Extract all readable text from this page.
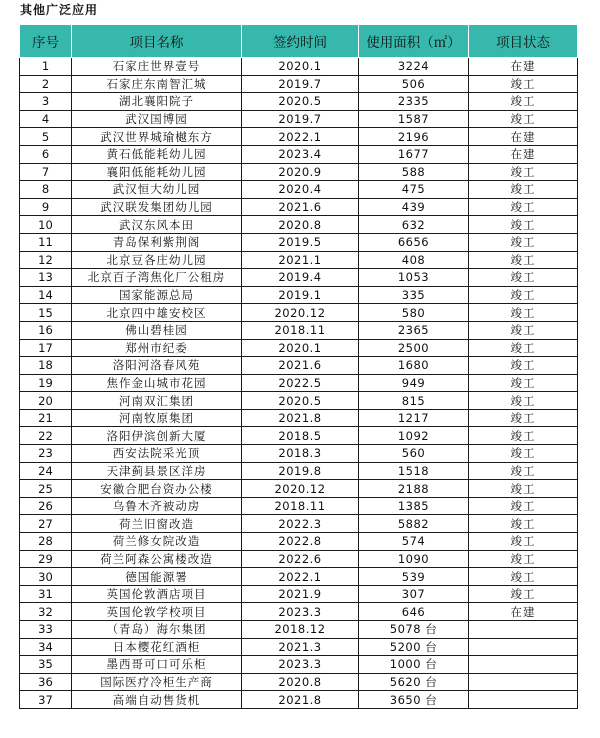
其他广泛应用
序号	项目名称	签约时间	使用面积（㎡）	项目状态
1	石家庄世界壹号	2020.1	3224	在建
2	石家庄东南智汇城	2019.7	506	竣工
3	湖北襄阳院子	2020.5	2335	竣工
4	武汉国博园	2019.7	1587	竣工
5	武汉世界城瑜樾东方	2022.1	2196	在建
6	黄石低能耗幼儿园	2023.4	1677	在建
7	襄阳低能耗幼儿园	2020.9	588	竣工
8	武汉恒大幼儿园	2020.4	475	竣工
9	武汉联发集团幼儿园	2021.6	439	竣工
10	武汉东风本田	2020.8	632	竣工
11	青岛保利紫荆阁	2019.5	6656	竣工
12	北京豆各庄幼儿园	2021.1	408	竣工
13	北京百子湾焦化厂公租房	2019.4	1053	竣工
14	国家能源总局	2019.1	335	竣工
15	北京四中雄安校区	2020.12	580	竣工
16	佛山碧桂园	2018.11	2365	竣工
17	郑州市纪委	2020.1	2500	竣工
18	洛阳河洛春风苑	2021.6	1680	竣工
19	焦作金山城市花园	2022.5	949	竣工
20	河南双汇集团	2020.5	815	竣工
21	河南牧原集团	2021.8	1217	竣工
22	洛阳伊滨创新大厦	2018.5	1092	竣工
23	西安法院采光顶	2018.3	560	竣工
24	天津蓟县景区洋房	2019.8	1518	竣工
25	安徽合肥台资办公楼	2020.12	2188	竣工
26	乌鲁木齐被动房	2018.11	1385	竣工
27	荷兰旧窗改造	2022.3	5882	竣工
28	荷兰修女院改造	2022.8	574	竣工
29	荷兰阿森公寓楼改造	2022.6	1090	竣工
30	德国能源署	2022.1	539	竣工
31	英国伦敦酒店项目	2021.9	307	竣工
32	英国伦敦学校项目	2023.3	646	在建
33	（青岛）海尔集团	2018.12	5078 台	
34	日本樱花红酒柜	2021.3	5200 台	
35	墨西哥可口可乐柜	2023.3	1000 台	
36	国际医疗冷柜生产商	2020.8	5620 台	
37	高端自动售货机	2021.8	3650 台	
